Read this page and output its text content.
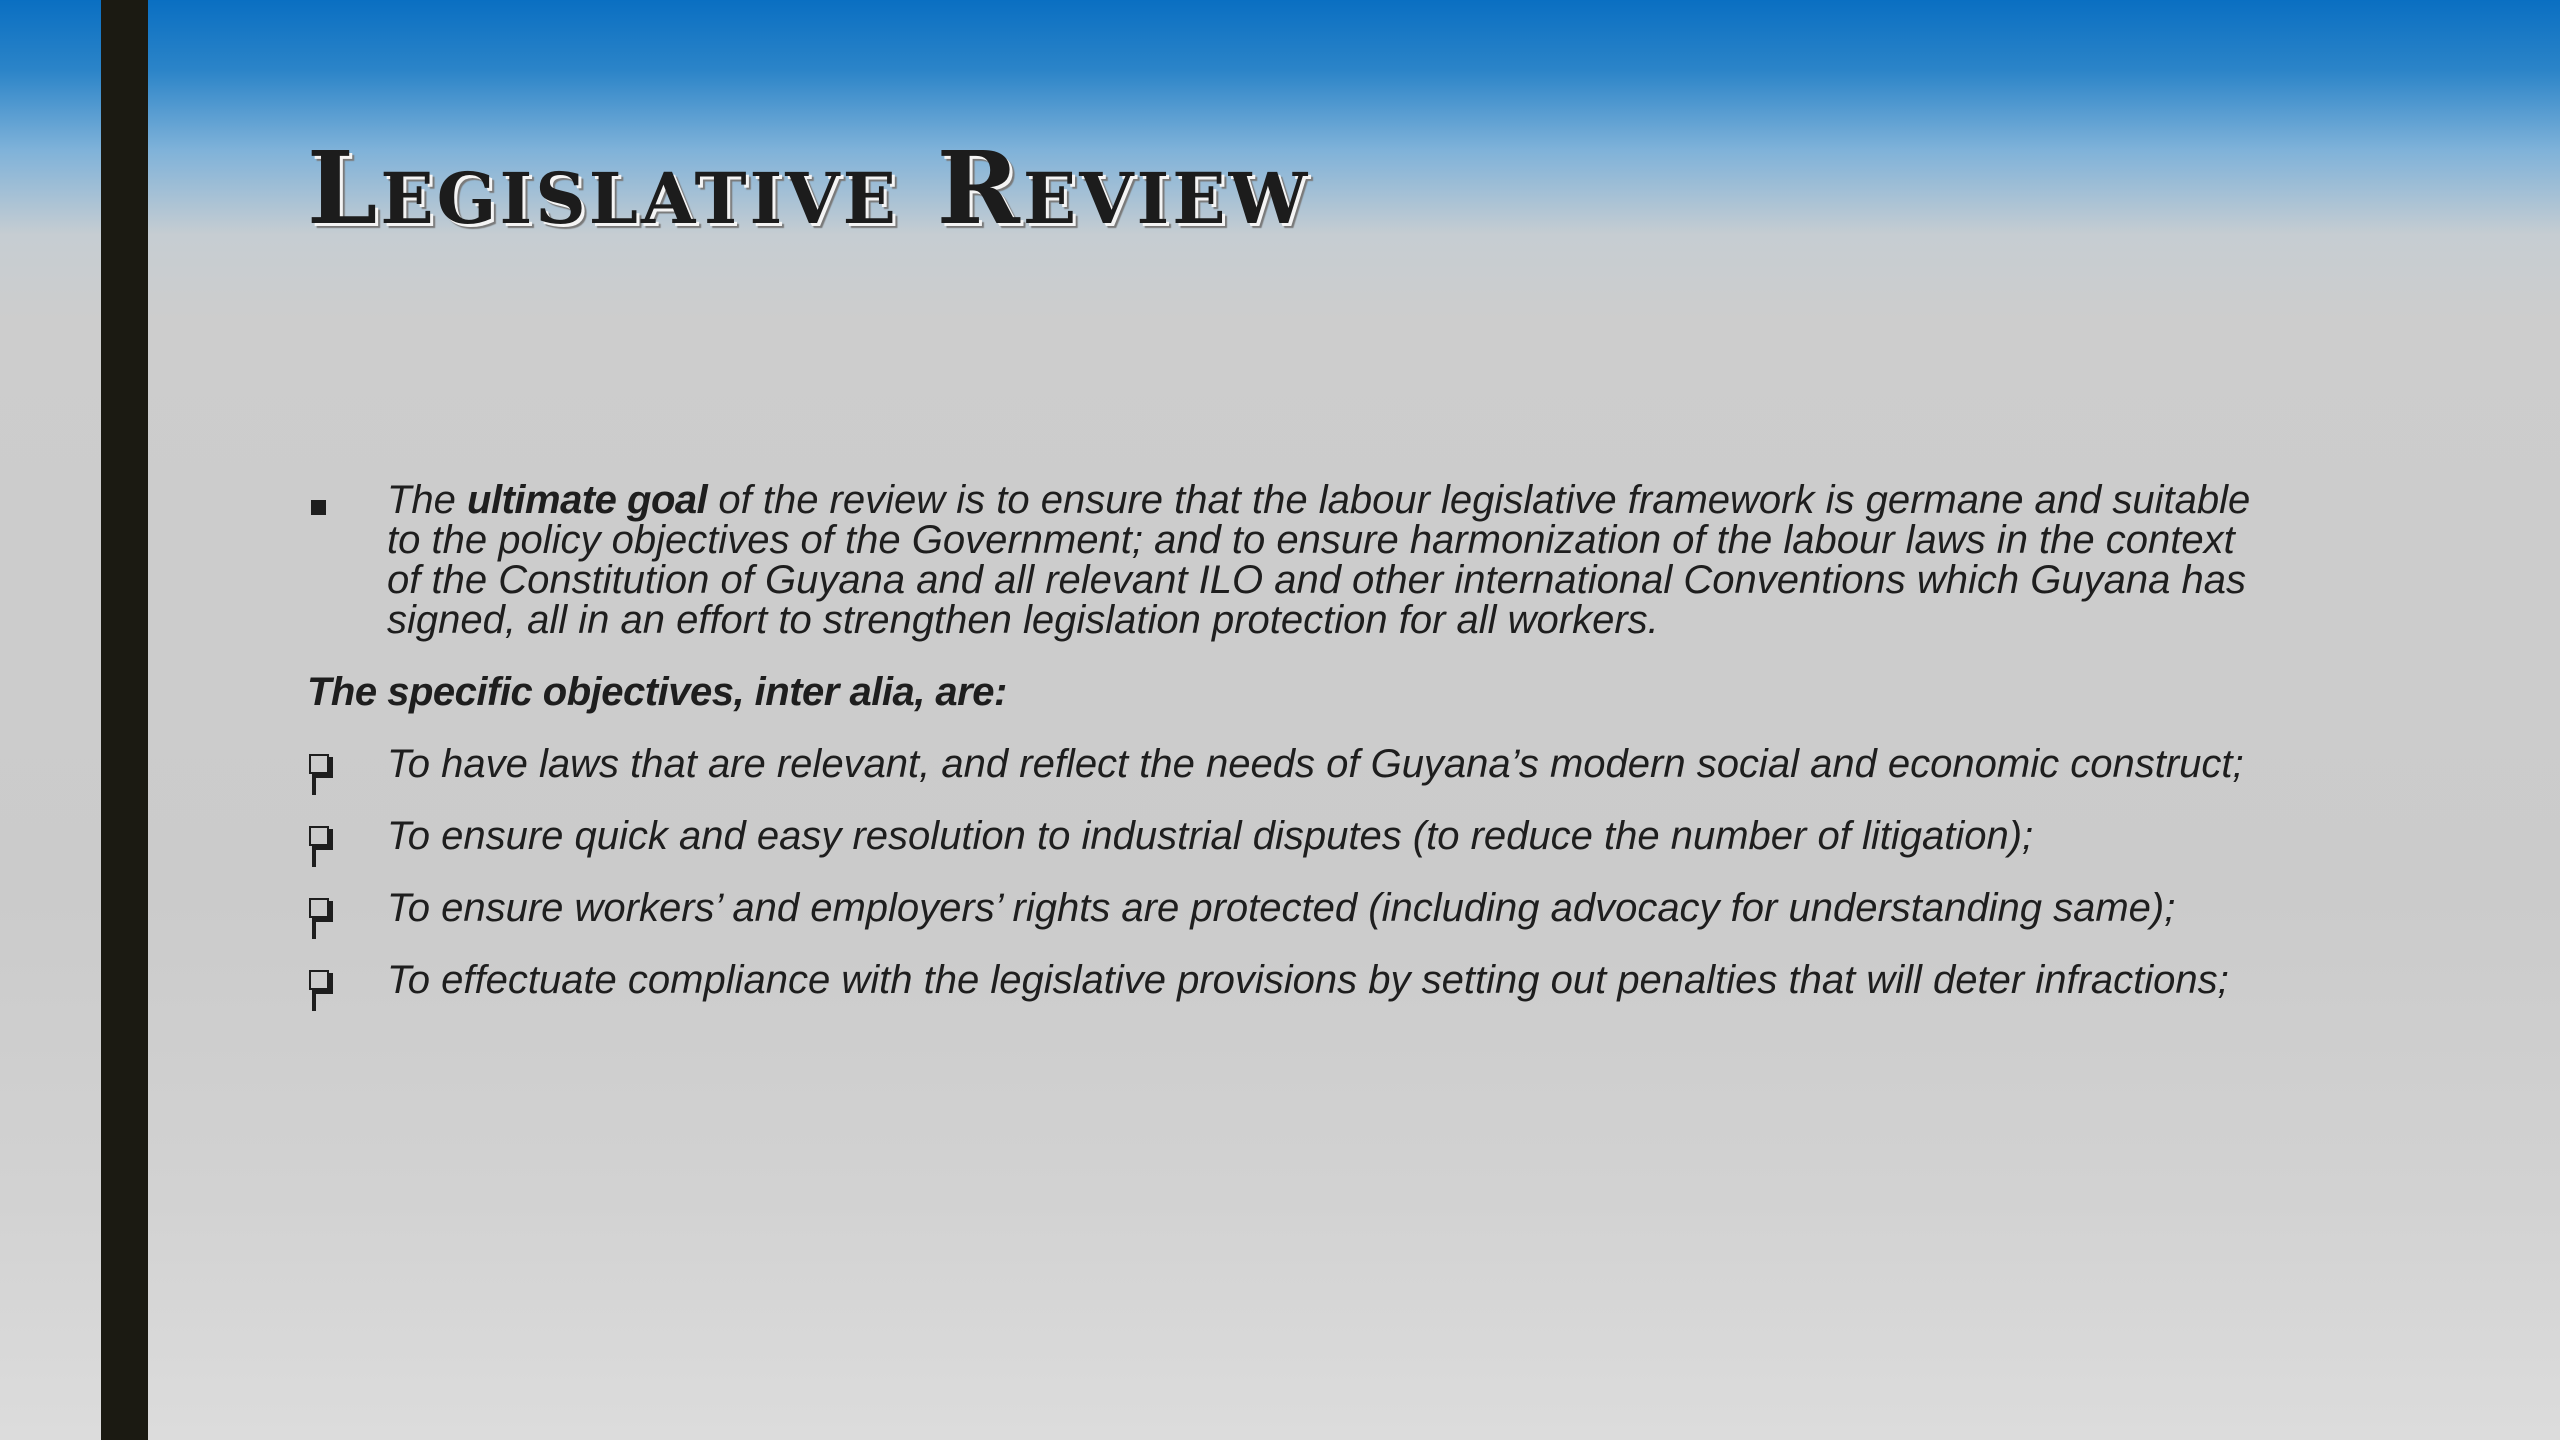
Legislative Review
The ultimate goal of the review is to ensure that the labour legislative framework is germane and suitable to the policy objectives of the Government; and to ensure harmonization of the labour laws in the context of the Constitution of Guyana and all relevant ILO and other international Conventions which Guyana has signed, all in an effort to strengthen legislation protection for all workers.

The specific objectives, inter alia, are:

To have laws that are relevant, and reflect the needs of Guyana’s modern social and economic construct;
To ensure quick and easy resolution to industrial disputes (to reduce the number of litigation);
To ensure workers’ and employers’ rights are protected (including advocacy for understanding same);
To effectuate compliance with the legislative provisions by setting out penalties that will deter infractions;
